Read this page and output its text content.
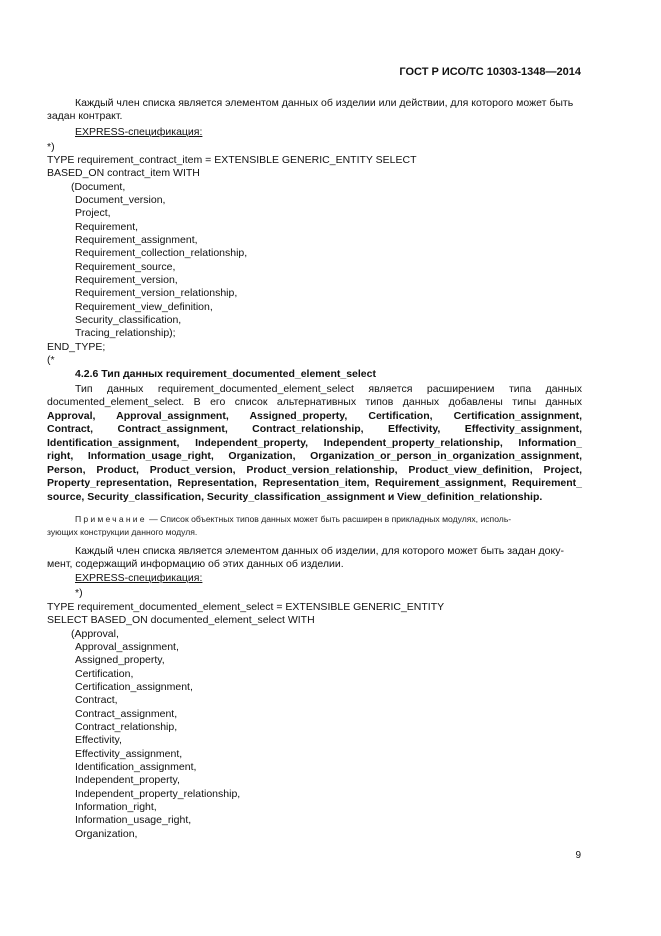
ГОСТ Р ИСО/ТС 10303-1348—2014
Каждый член списка является элементом данных об изделии или действии, для которого может быть задан контракт.
EXPRESS-спецификация:
*)
TYPE requirement_contract_item = EXTENSIBLE GENERIC_ENTITY SELECT
BASED_ON contract_item WITH
(Document,
Document_version,
Project,
Requirement,
Requirement_assignment,
Requirement_collection_relationship,
Requirement_source,
Requirement_version,
Requirement_version_relationship,
Requirement_view_definition,
Security_classification,
Tracing_relationship);
END_TYPE;
(*
4.2.6 Тип данных requirement_documented_element_select
Тип данных requirement_documented_element_select является расширением типа данных
documented_element_select. В его список альтернативных типов данных добавлены типы данных
Approval, Approval_assignment, Assigned_property, Certification, Certification_assignment,
Contract, Contract_assignment, Contract_relationship, Effectivity, Effectivity_assignment,
Identification_assignment, Independent_property, Independent_property_relationship, Information_
right, Information_usage_right, Organization, Organization_or_person_in_organization_assignment,
Person, Product, Product_version, Product_version_relationship, Product_view_definition, Project,
Property_representation, Representation, Representation_item, Requirement_assignment, Requirement_
source, Security_classification, Security_classification_assignment и View_definition_relationship.
Примечание — Список объектных типов данных может быть расширен в прикладных модулях, исполь-
зующих конструкции данного модуля.
Каждый член списка является элементом данных об изделии, для которого может быть задан доку-
мент, содержащий информацию об этих данных об изделии.
EXPRESS-спецификация:
*)
TYPE requirement_documented_element_select = EXTENSIBLE GENERIC_ENTITY
SELECT BASED_ON documented_element_select WITH
(Approval,
Approval_assignment,
Assigned_property,
Certification,
Certification_assignment,
Contract,
Contract_assignment,
Contract_relationship,
Effectivity,
Effectivity_assignment,
Identification_assignment,
Independent_property,
Independent_property_relationship,
Information_right,
Information_usage_right,
Organization,
9
